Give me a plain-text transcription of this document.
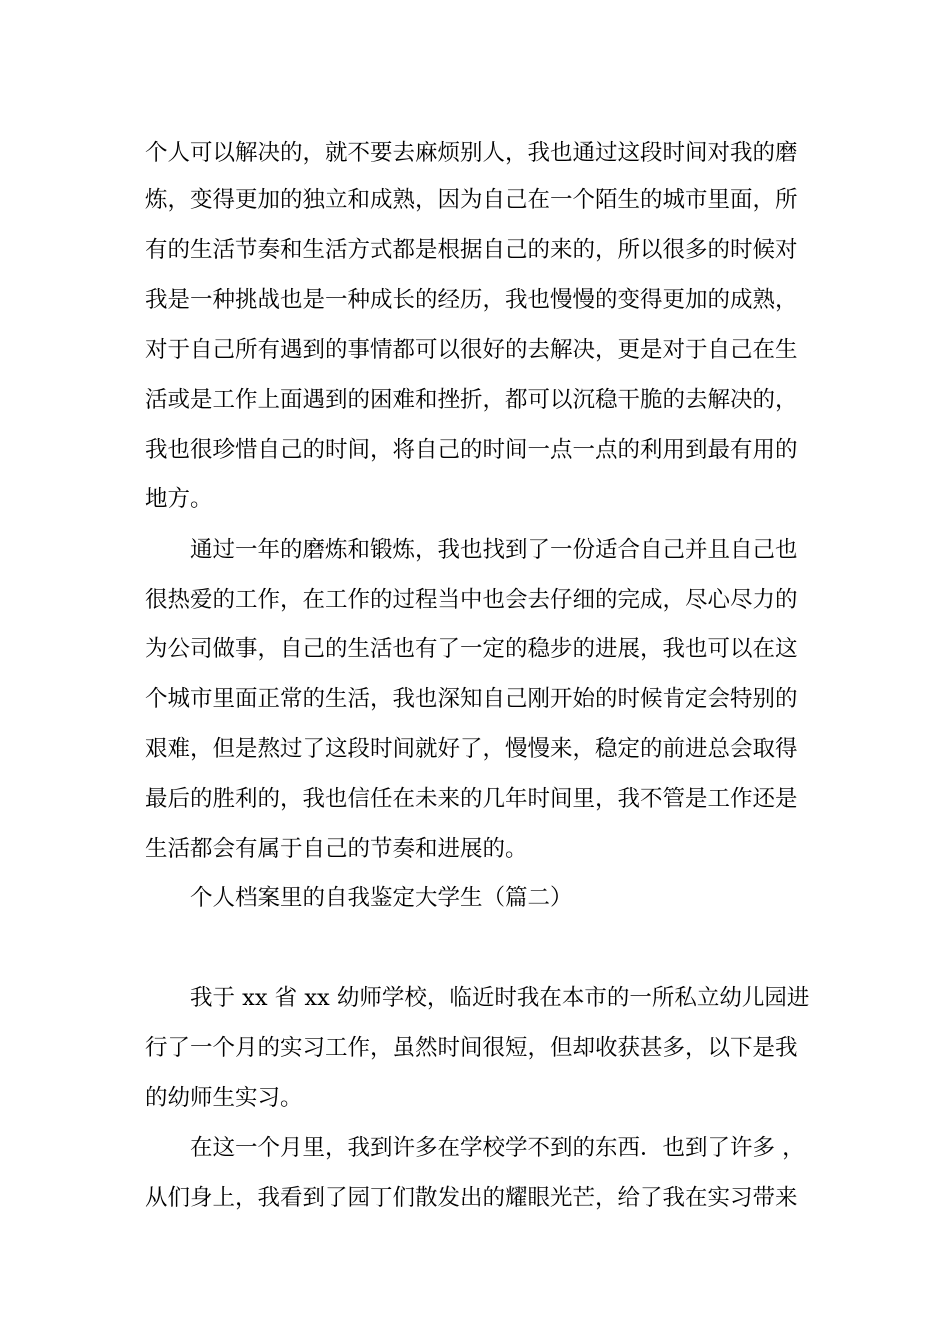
个人可以解决的，就不要去麻烦别人，我也通过这段时间对我的磨
炼，变得更加的独立和成熟，因为自己在一个陌生的城市里面，所
有的生活节奏和生活方式都是根据自己的来的，所以很多的时候对
我是一种挑战也是一种成长的经历，我也慢慢的变得更加的成熟，
对于自己所有遇到的事情都可以很好的去解决，更是对于自己在生
活或是工作上面遇到的困难和挫折，都可以沉稳干脆的去解决的，
我也很珍惜自己的时间，将自己的时间一点一点的利用到最有用的
地方。
通过一年的磨炼和锻炼，我也找到了一份适合自己并且自己也
很热爱的工作，在工作的过程当中也会去仔细的完成，尽心尽力的
为公司做事，自己的生活也有了一定的稳步的进展，我也可以在这
个城市里面正常的生活，我也深知自己刚开始的时候肯定会特别的
艰难，但是熬过了这段时间就好了，慢慢来，稳定的前进总会取得
最后的胜利的，我也信任在未来的几年时间里，我不管是工作还是
生活都会有属于自己的节奏和进展的。
个人档案里的自我鉴定大学生（篇二）
我于 xx 省 xx 幼师学校，临近时我在本市的一所私立幼儿园进
行了一个月的实习工作，虽然时间很短，但却收获甚多，以下是我
的幼师生实习。
在这一个月里，我到许多在学校学不到的东西．也到了许多 ，
从们身上，我看到了园丁们散发出的耀眼光芒，给了我在实习带来
